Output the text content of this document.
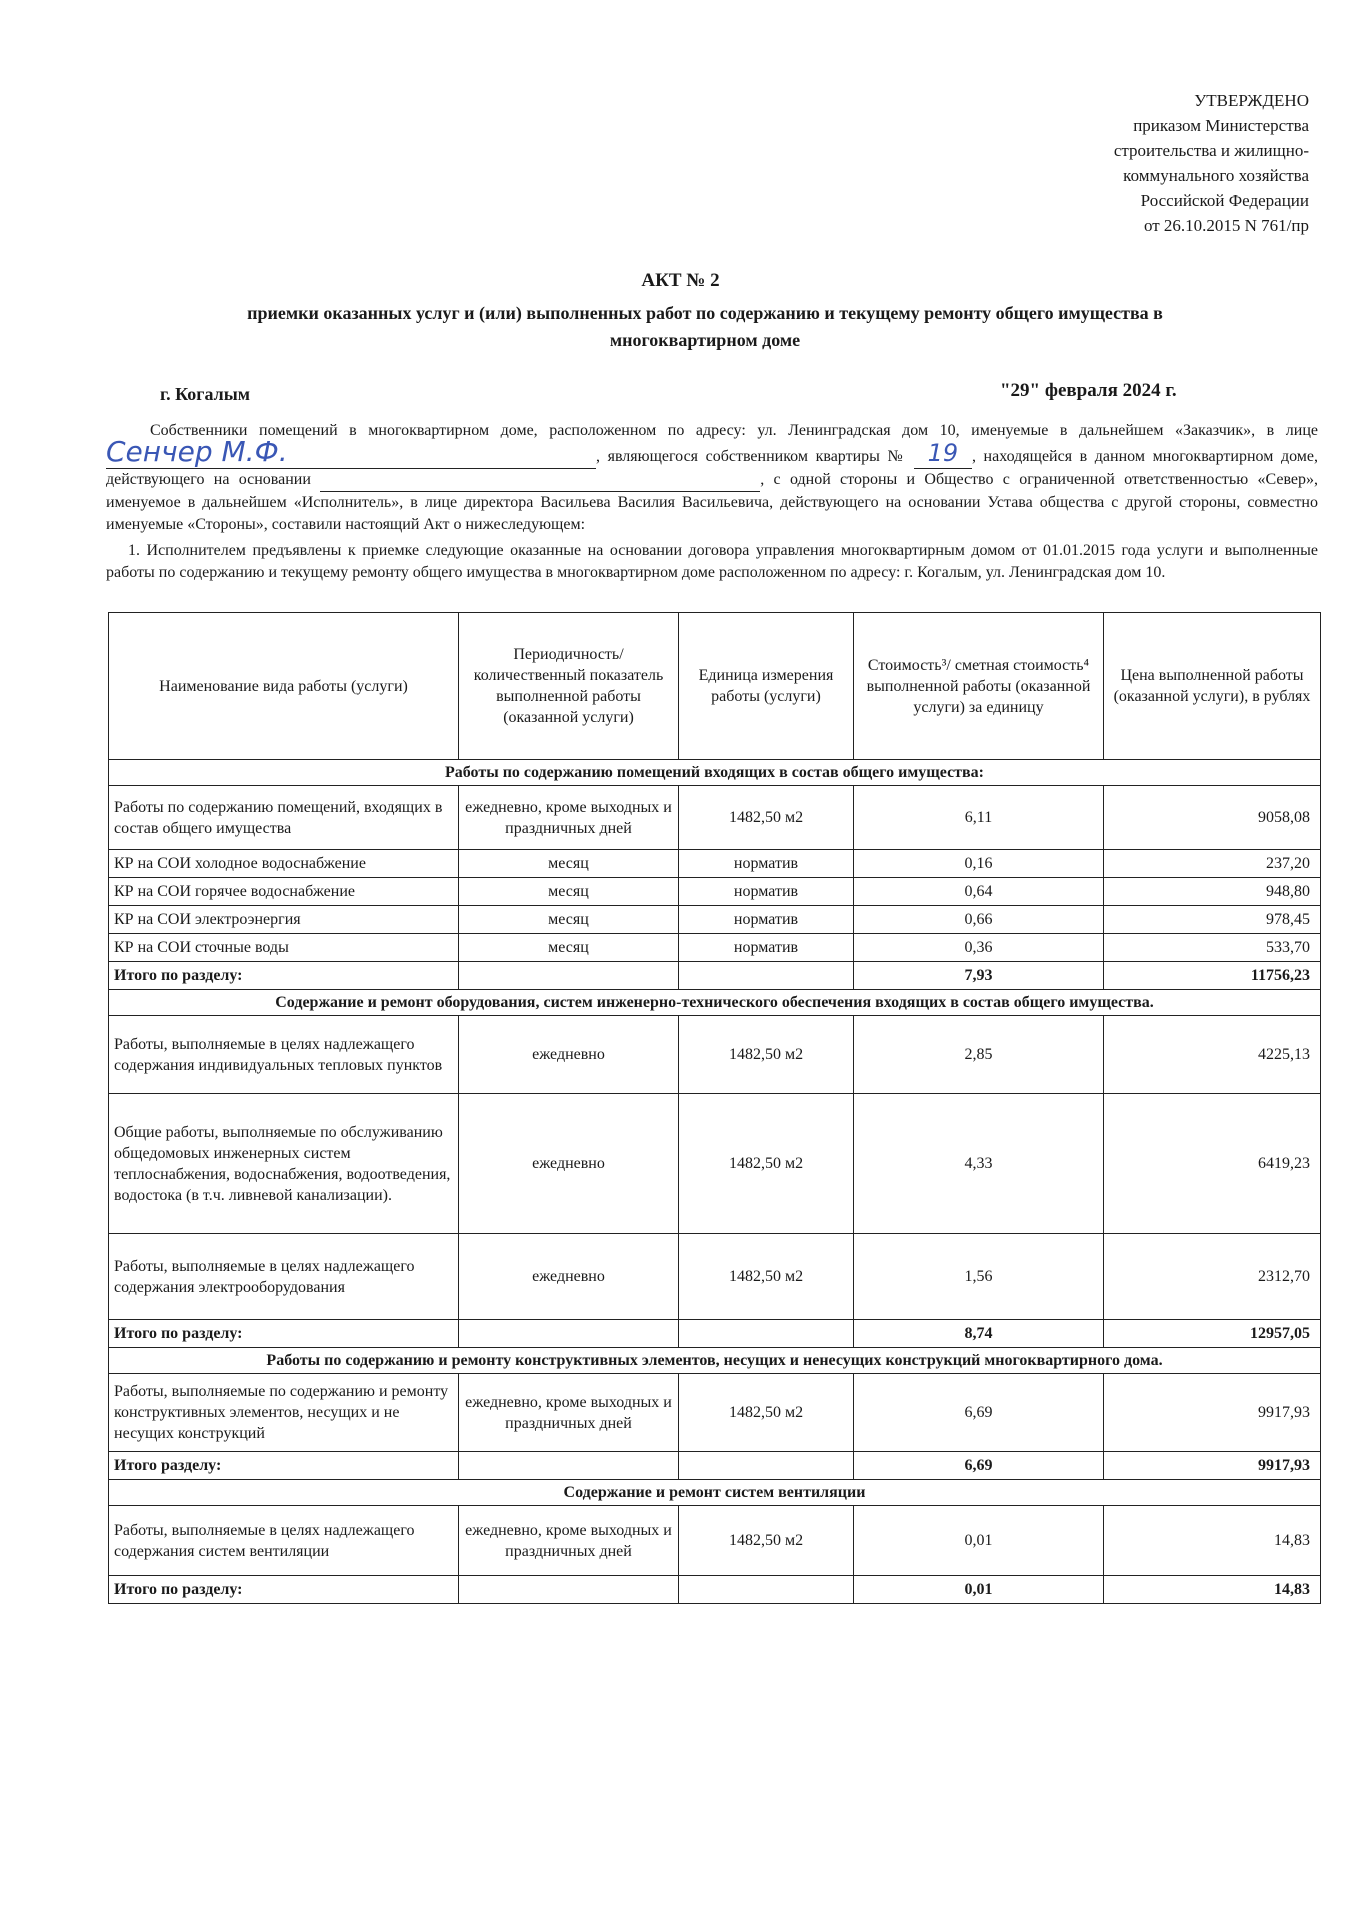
УТВЕРЖДЕНО
приказом Министерства
строительства и жилищно-
коммунального хозяйства
Российской Федерации
от 26.10.2015 N 761/пр
АКТ № 2
приемки оказанных услуг и (или) выполненных работ по содержанию и текущему ремонту общего имущества в многоквартирном доме
г. Когалым	"29" февраля 2024 г.
Собственники помещений в многоквартирном доме, расположенном по адресу: ул. Ленинградская дом 10, именуемые в дальнейшем «Заказчик», в лице Сенчер М.Ф.	, являющегося собственником квартиры № 19 , находящейся в данном многоквартирном доме, действующего на основании	, с одной стороны и Общество с ограниченной ответственностью «Север», именуемое в дальнейшем «Исполнитель», в лице директора Васильева Василия Васильевича, действующего на основании Устава общества с другой стороны, совместно именуемые «Стороны», составили настоящий Акт о нижеследующем:
1. Исполнителем предъявлены к приемке следующие оказанные на основании договора управления многоквартирным домом от 01.01.2015 года услуги и выполненные работы по содержанию и текущему ремонту общего имущества в многоквартирном доме расположенном по адресу: г. Когалым, ул. Ленинградская дом 10.
Наименование вида работы (услуги)	Периодичность/ количественный показатель выполненной работы (оказанной услуги)	Единица измерения работы (услуги)	Стоимость³/ сметная стоимость⁴ выполненной работы (оказанной услуги) за единицу	Цена выполненной работы (оказанной услуги), в рублях
Работы по содержанию помещений входящих в состав общего имущества:				
Работы по содержанию помещений, входящих в состав общего имущества	ежедневно, кроме выходных и праздничных дней	1482,50 м2	6,11	9058,08
КР на СОИ холодное водоснабжение	месяц	норматив	0,16	237,20
КР на СОИ горячее водоснабжение	месяц	норматив	0,64	948,80
КР на СОИ электроэнергия	месяц	норматив	0,66	978,45
КР на СОИ сточные воды	месяц	норматив	0,36	533,70
Итого по разделу:			7,93	11756,23
Содержание и ремонт оборудования, систем инженерно-технического обеспечения входящих в состав общего имущества.				
Работы, выполняемые в целях надлежащего содержания индивидуальных тепловых пунктов	ежедневно	1482,50 м2	2,85	4225,13
Общие работы, выполняемые по обслуживанию общедомовых инженерных систем теплоснабжения, водоснабжения, водоотведения, водостока (в т.ч. ливневой канализации).	ежедневно	1482,50 м2	4,33	6419,23
Работы, выполняемые в целях надлежащего содержания электрооборудования	ежедневно	1482,50 м2	1,56	2312,70
Итого по разделу:			8,74	12957,05
Работы по содержанию и ремонту конструктивных элементов, несущих и ненесущих конструкций многоквартирного дома.				
Работы, выполняемые по содержанию и ремонту конструктивных элементов, несущих и не несущих конструкций	ежедневно, кроме выходных и праздничных дней	1482,50 м2	6,69	9917,93
Итого разделу:			6,69	9917,93
Содержание и ремонт систем вентиляции				
Работы, выполняемые в целях надлежащего содержания систем вентиляции	ежедневно, кроме выходных и праздничных дней	1482,50 м2	0,01	14,83
Итого по разделу:			0,01	14,83
